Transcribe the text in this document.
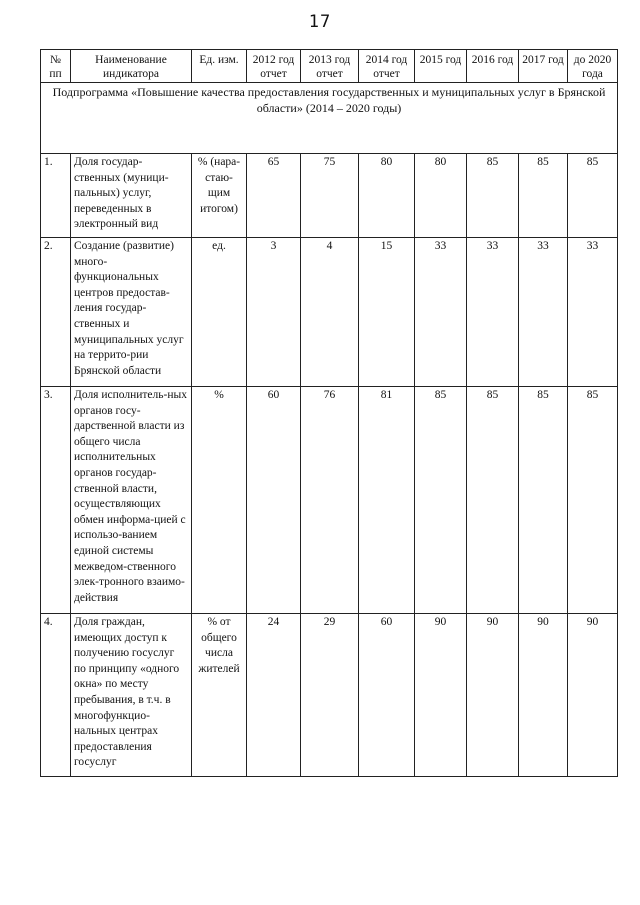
17
№ пп	Наименование индикатора	Ед. изм.	2012 год отчет	2013 год отчет	2014 год отчет	2015 год	2016 год	2017 год	до 2020 года
Подпрограмма «Повышение качества предоставления государственных и муниципальных услуг в Брянской области» (2014 – 2020 годы)									
1.	Доля государ-ственных (муници-пальных) услуг, переведенных в электронный вид	% (нара-стаю-щим итогом)	65	75	80	80	85	85	85
2.	Создание (развитие) много-функциональных центров предостав-ления государ-ственных и муниципальных услуг на террито-рии Брянской области	ед.	3	4	15	33	33	33	33
3.	Доля исполнитель-ных органов госу-дарственной власти из общего числа исполнительных органов государ-ственной власти, осуществляющих обмен информа-цией с использо-ванием единой системы межведом-ственного элек-тронного взаимо-действия	%	60	76	81	85	85	85	85
4.	Доля граждан, имеющих доступ к получению госуслуг по принципу «одного окна» по месту пребывания, в т.ч. в многофункцио-нальных центрах предоставления госуслуг	% от общего числа жителей	24	29	60	90	90	90	90
